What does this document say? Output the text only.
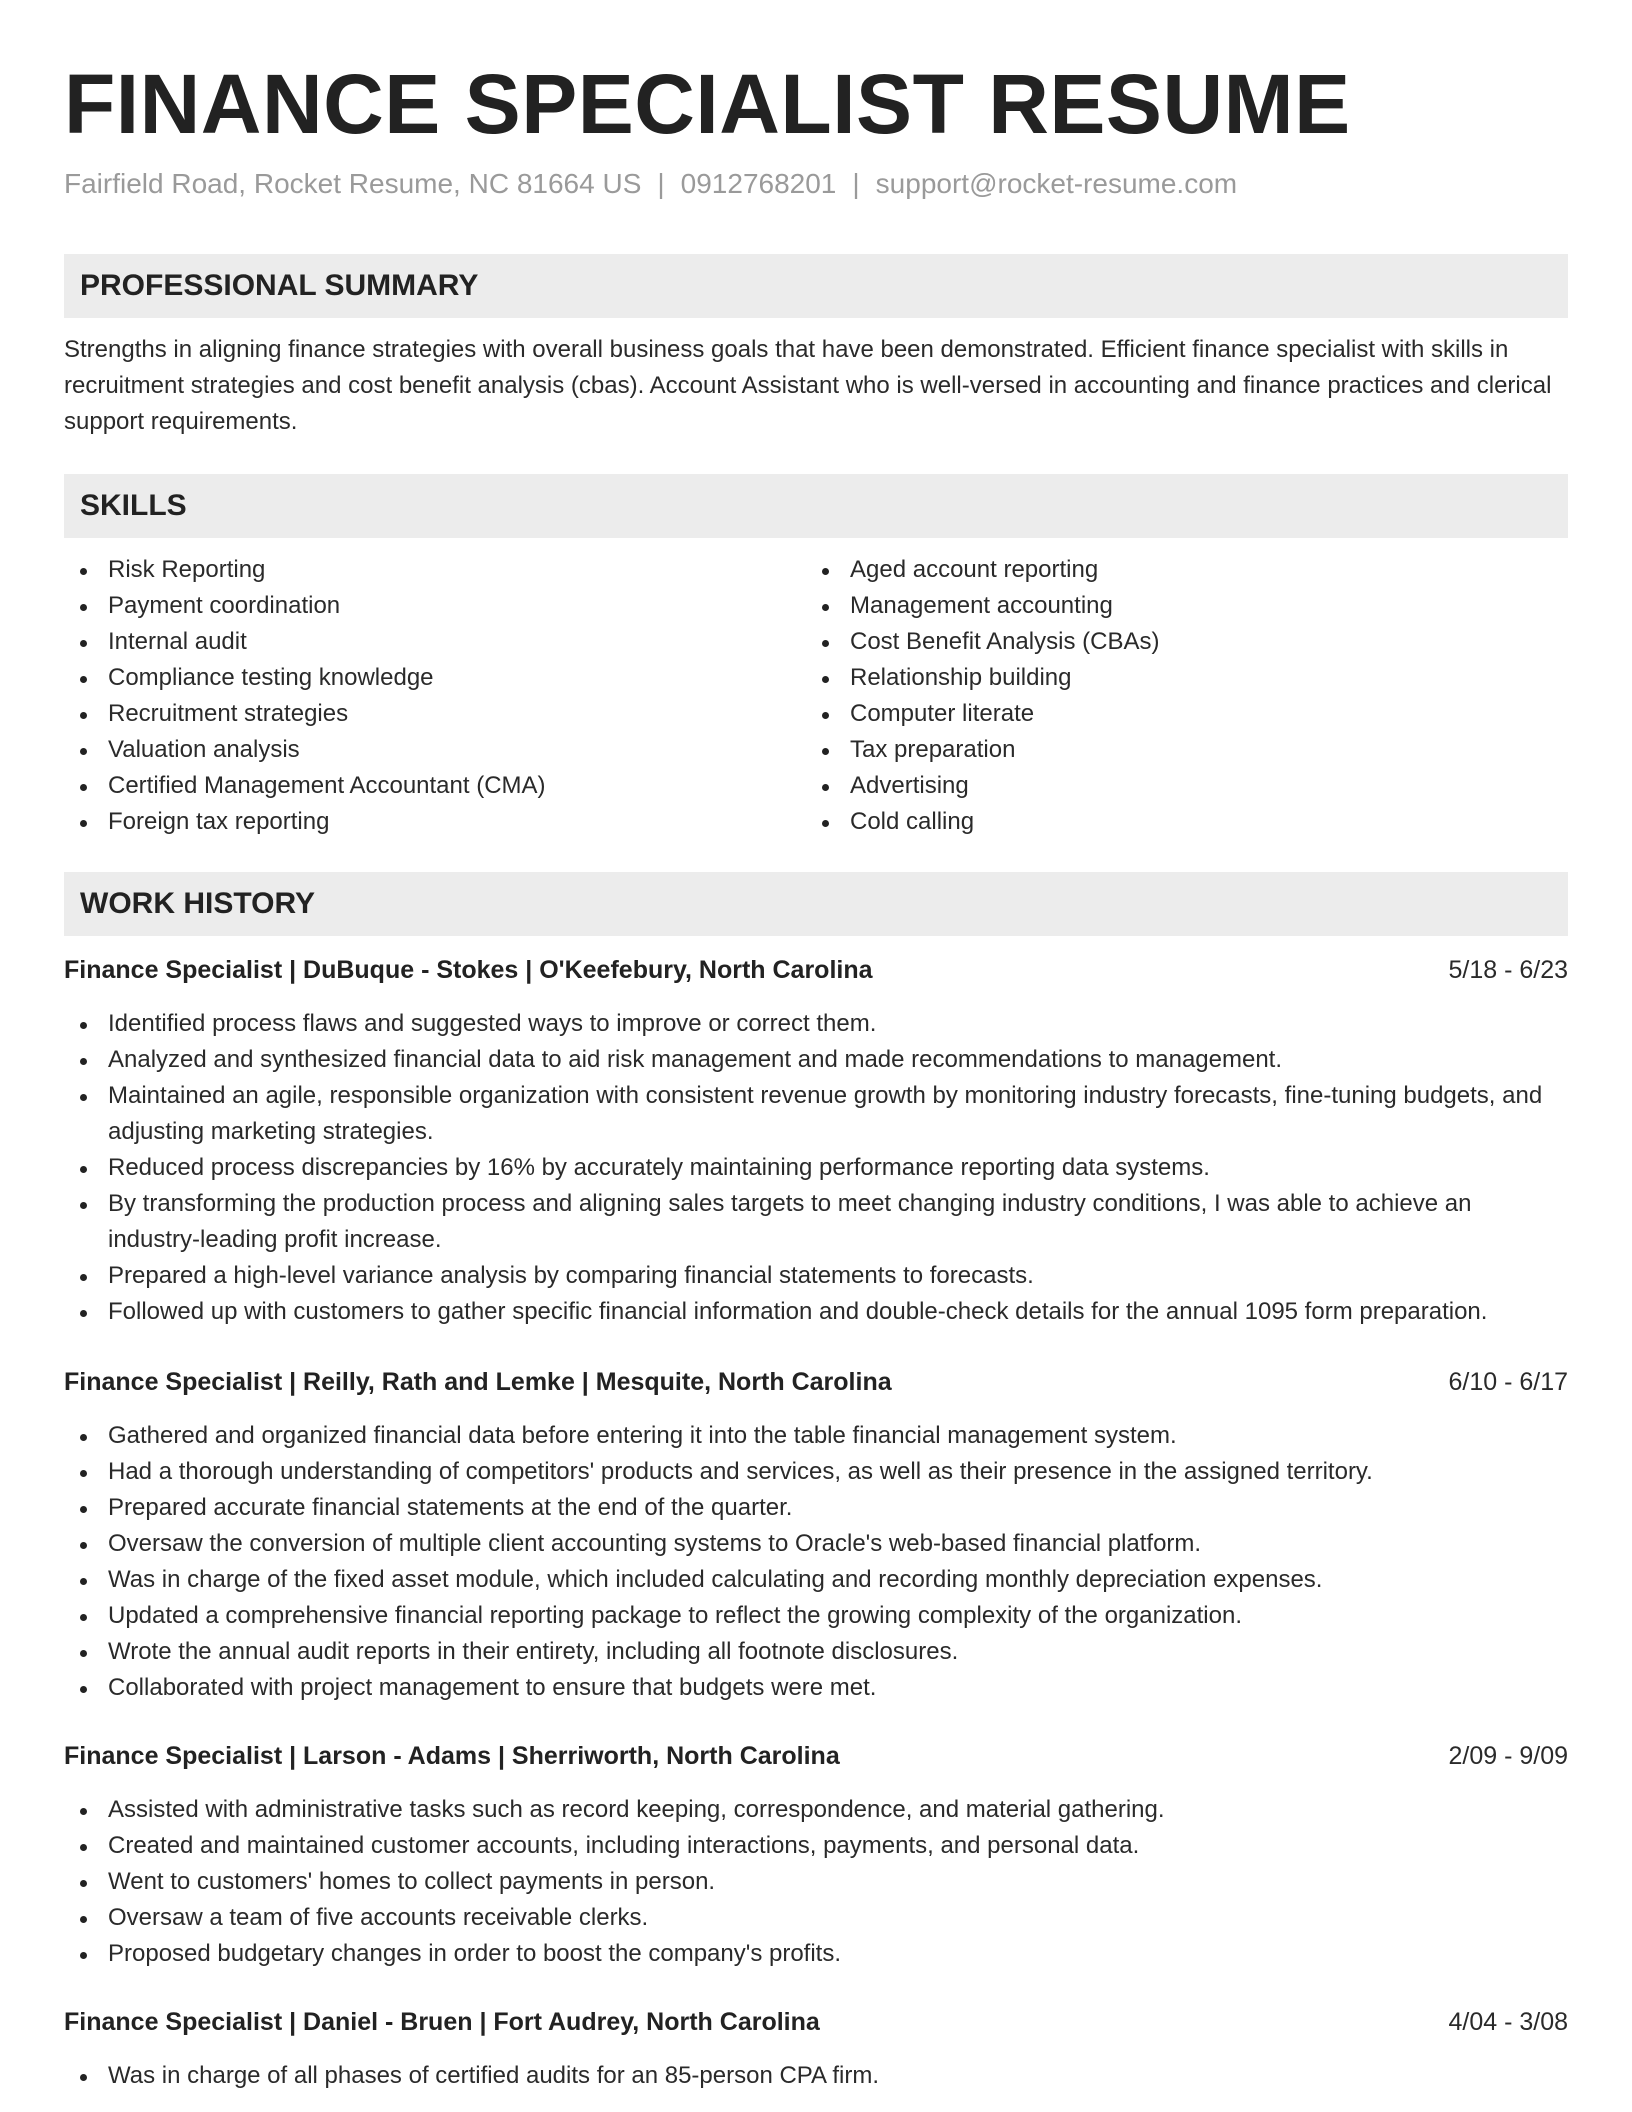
FINANCE SPECIALIST RESUME
Fairfield Road, Rocket Resume, NC 81664 US | 0912768201 | support@rocket-resume.com
PROFESSIONAL SUMMARY

Strengths in aligning finance strategies with overall business goals that have been demonstrated. Efficient finance specialist with skills in recruitment strategies and cost benefit analysis (cbas). Account Assistant who is well-versed in accounting and finance practices and clerical support requirements.

SKILLS
Risk Reporting
Payment coordination
Internal audit
Compliance testing knowledge
Recruitment strategies
Valuation analysis
Certified Management Accountant (CMA)
Foreign tax reporting
Aged account reporting
Management accounting
Cost Benefit Analysis (CBAs)
Relationship building
Computer literate
Tax preparation
Advertising
Cold calling
WORK HISTORY
Finance Specialist | DuBuque - Stokes | O'Keefebury, North Carolina	5/18 - 6/23
Identified process flaws and suggested ways to improve or correct them.
Analyzed and synthesized financial data to aid risk management and made recommendations to management.
Maintained an agile, responsible organization with consistent revenue growth by monitoring industry forecasts, fine-tuning budgets, and adjusting marketing strategies.
Reduced process discrepancies by 16% by accurately maintaining performance reporting data systems.
By transforming the production process and aligning sales targets to meet changing industry conditions, I was able to achieve an industry-leading profit increase.
Prepared a high-level variance analysis by comparing financial statements to forecasts.
Followed up with customers to gather specific financial information and double-check details for the annual 1095 form preparation.
Finance Specialist | Reilly, Rath and Lemke | Mesquite, North Carolina	6/10 - 6/17
Gathered and organized financial data before entering it into the table financial management system.
Had a thorough understanding of competitors' products and services, as well as their presence in the assigned territory.
Prepared accurate financial statements at the end of the quarter.
Oversaw the conversion of multiple client accounting systems to Oracle's web-based financial platform.
Was in charge of the fixed asset module, which included calculating and recording monthly depreciation expenses.
Updated a comprehensive financial reporting package to reflect the growing complexity of the organization.
Wrote the annual audit reports in their entirety, including all footnote disclosures.
Collaborated with project management to ensure that budgets were met.
Finance Specialist | Larson - Adams | Sherriworth, North Carolina	2/09 - 9/09
Assisted with administrative tasks such as record keeping, correspondence, and material gathering.
Created and maintained customer accounts, including interactions, payments, and personal data.
Went to customers' homes to collect payments in person.
Oversaw a team of five accounts receivable clerks.
Proposed budgetary changes in order to boost the company's profits.
Finance Specialist | Daniel - Bruen | Fort Audrey, North Carolina	4/04 - 3/08
Was in charge of all phases of certified audits for an 85-person CPA firm.
